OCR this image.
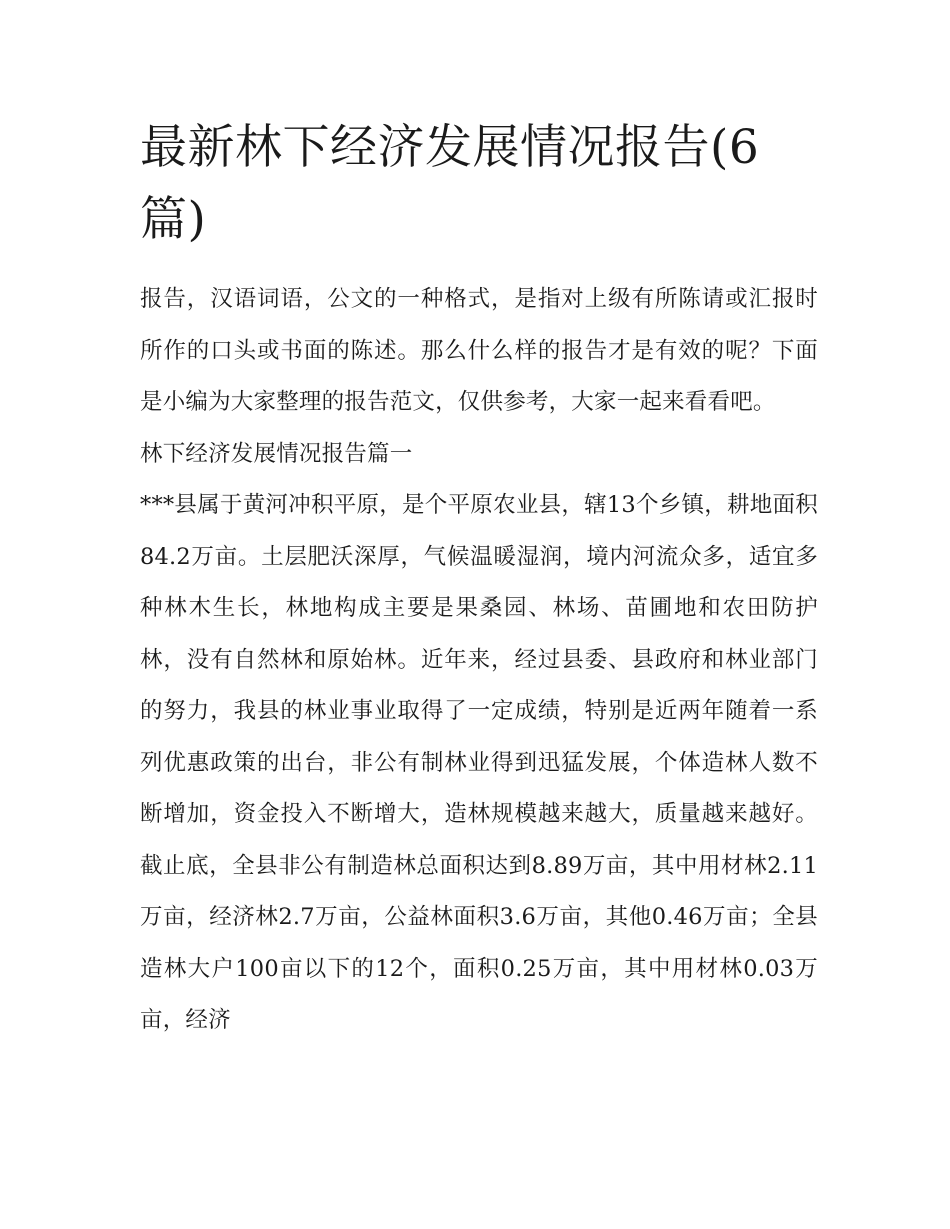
最新林下经济发展情况报告(6篇)

报告，汉语词语，公文的一种格式，是指对上级有所陈请或汇报时所作的口头或书面的陈述。那么什么样的报告才是有效的呢？下面是小编为大家整理的报告范文，仅供参考，大家一起来看看吧。

林下经济发展情况报告篇一

***县属于黄河冲积平原，是个平原农业县，辖13个乡镇，耕地面积84.2万亩。土层肥沃深厚，气候温暖湿润，境内河流众多，适宜多种林木生长，林地构成主要是果桑园、林场、苗圃地和农田防护林，没有自然林和原始林。近年来，经过县委、县政府和林业部门的努力，我县的林业事业取得了一定成绩，特别是近两年随着一系列优惠政策的出台，非公有制林业得到迅猛发展，个体造林人数不断增加，资金投入不断增大，造林规模越来越大，质量越来越好。截止底，全县非公有制造林总面积达到8.89万亩，其中用材林2.11万亩，经济林2.7万亩，公益林面积3.6万亩，其他0.46万亩；全县造林大户100亩以下的12个，面积0.25万亩，其中用材林0.03万亩，经济
